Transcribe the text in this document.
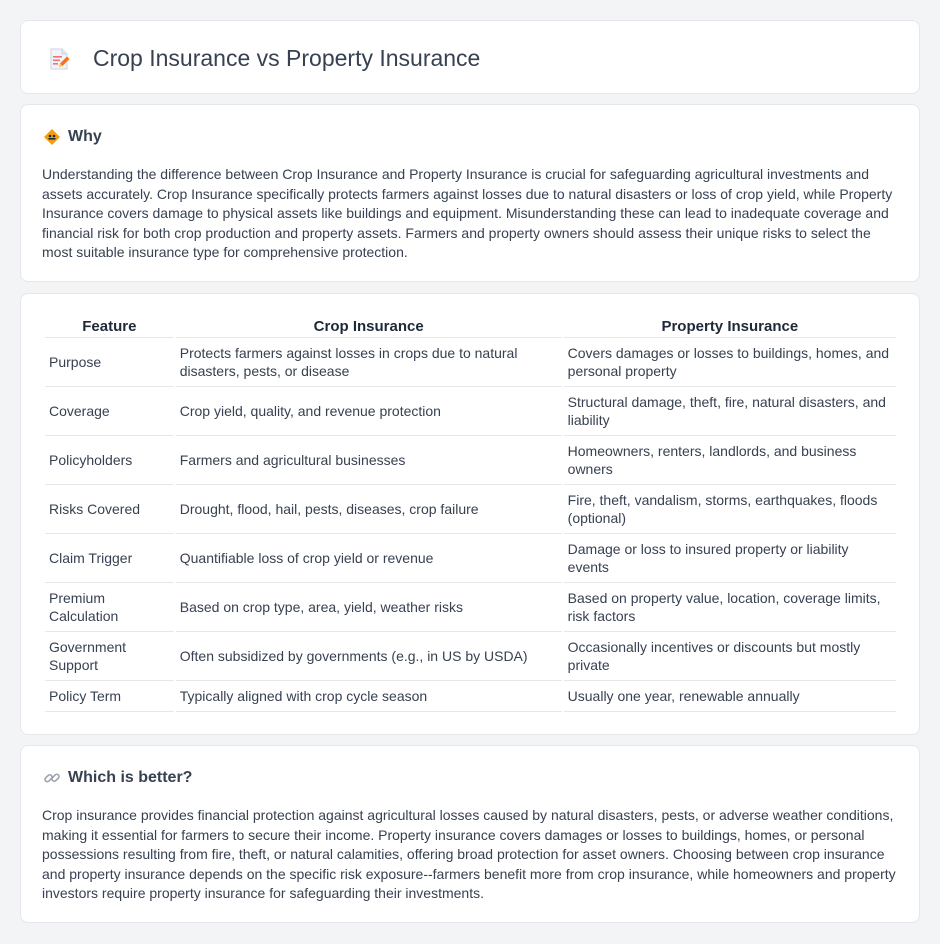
Crop Insurance vs Property Insurance
Why

Understanding the difference between Crop Insurance and Property Insurance is crucial for safeguarding agricultural investments and assets accurately. Crop Insurance specifically protects farmers against losses due to natural disasters or loss of crop yield, while Property Insurance covers damage to physical assets like buildings and equipment. Misunderstanding these can lead to inadequate coverage and financial risk for both crop production and property assets. Farmers and property owners should assess their unique risks to select the most suitable insurance type for comprehensive protection.

Feature	Crop Insurance	Property Insurance
Purpose	Protects farmers against losses in crops due to natural disasters, pests, or disease	Covers damages or losses to buildings, homes, and personal property
Coverage	Crop yield, quality, and revenue protection	Structural damage, theft, fire, natural disasters, and liability
Policyholders	Farmers and agricultural businesses	Homeowners, renters, landlords, and business owners
Risks Covered	Drought, flood, hail, pests, diseases, crop failure	Fire, theft, vandalism, storms, earthquakes, floods (optional)
Claim Trigger	Quantifiable loss of crop yield or revenue	Damage or loss to insured property or liability events
Premium Calculation	Based on crop type, area, yield, weather risks	Based on property value, location, coverage limits, risk factors
Government Support	Often subsidized by governments (e.g., in US by USDA)	Occasionally incentives or discounts but mostly private
Policy Term	Typically aligned with crop cycle season	Usually one year, renewable annually
Which is better?

Crop insurance provides financial protection against agricultural losses caused by natural disasters, pests, or adverse weather conditions, making it essential for farmers to secure their income. Property insurance covers damages or losses to buildings, homes, or personal possessions resulting from fire, theft, or natural calamities, offering broad protection for asset owners. Choosing between crop insurance and property insurance depends on the specific risk exposure--farmers benefit more from crop insurance, while homeowners and property investors require property insurance for safeguarding their investments.
